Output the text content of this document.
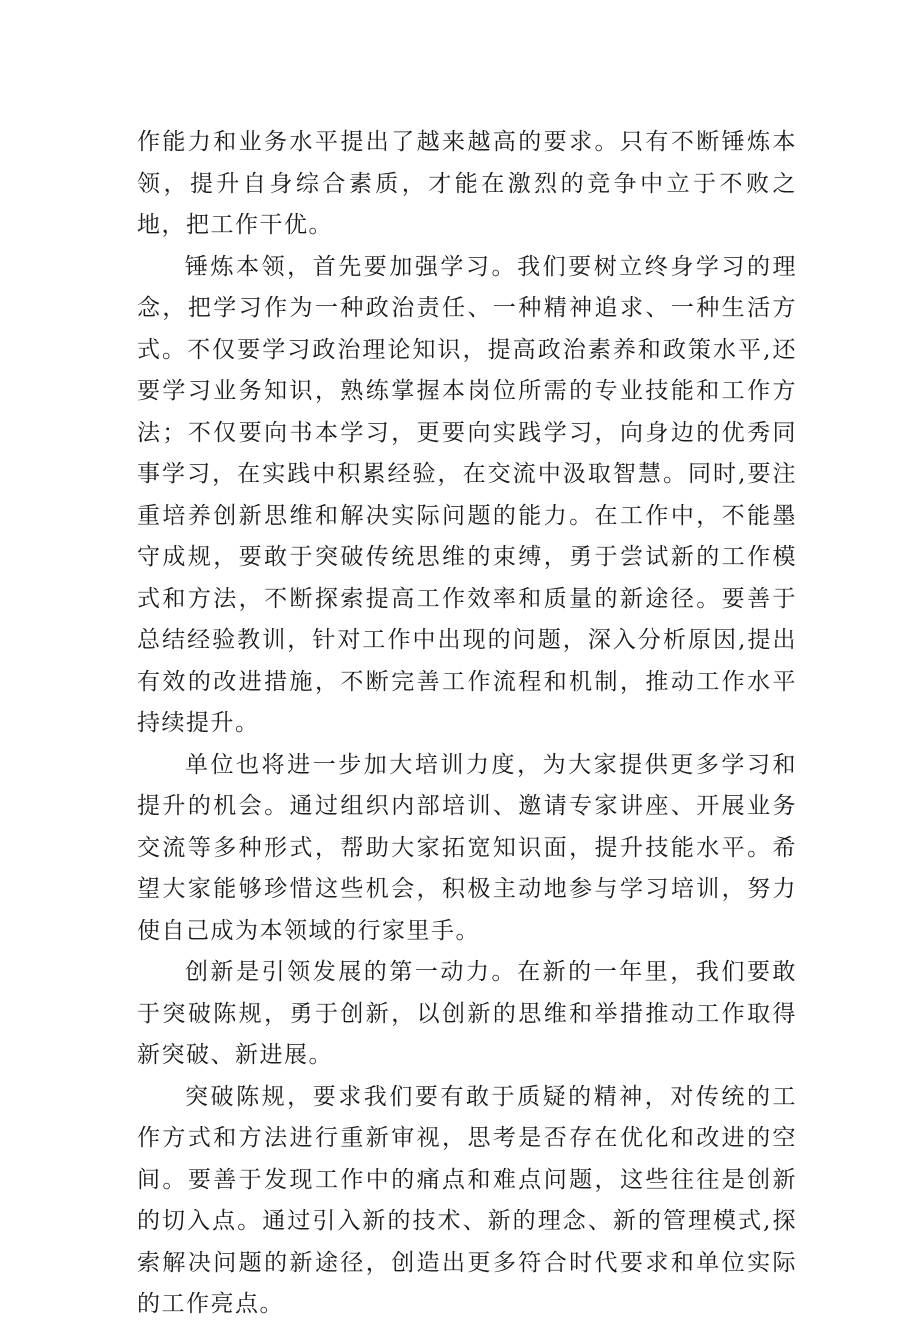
作能力和业务水平提出了越来越高的要求。只有不断锤炼本领，提升自身综合素质，才能在激烈的竞争中立于不败之地，把工作干优。

锤炼本领，首先要加强学习。我们要树立终身学习的理念，把学习作为一种政治责任、一种精神追求、一种生活方式。不仅要学习政治理论知识，提高政治素养和政策水平,还要学习业务知识，熟练掌握本岗位所需的专业技能和工作方法；不仅要向书本学习，更要向实践学习，向身边的优秀同事学习，在实践中积累经验，在交流中汲取智慧。同时,要注重培养创新思维和解决实际问题的能力。在工作中，不能墨守成规，要敢于突破传统思维的束缚，勇于尝试新的工作模式和方法，不断探索提高工作效率和质量的新途径。要善于总结经验教训，针对工作中出现的问题，深入分析原因,提出有效的改进措施，不断完善工作流程和机制，推动工作水平持续提升。

单位也将进一步加大培训力度，为大家提供更多学习和提升的机会。通过组织内部培训、邀请专家讲座、开展业务交流等多种形式，帮助大家拓宽知识面，提升技能水平。希望大家能够珍惜这些机会，积极主动地参与学习培训，努力使自己成为本领域的行家里手。

创新是引领发展的第一动力。在新的一年里，我们要敢于突破陈规，勇于创新，以创新的思维和举措推动工作取得新突破、新进展。

突破陈规，要求我们要有敢于质疑的精神，对传统的工作方式和方法进行重新审视，思考是否存在优化和改进的空间。要善于发现工作中的痛点和难点问题，这些往往是创新的切入点。通过引入新的技术、新的理念、新的管理模式,探索解决问题的新途径，创造出更多符合时代要求和单位实际的工作亮点。
